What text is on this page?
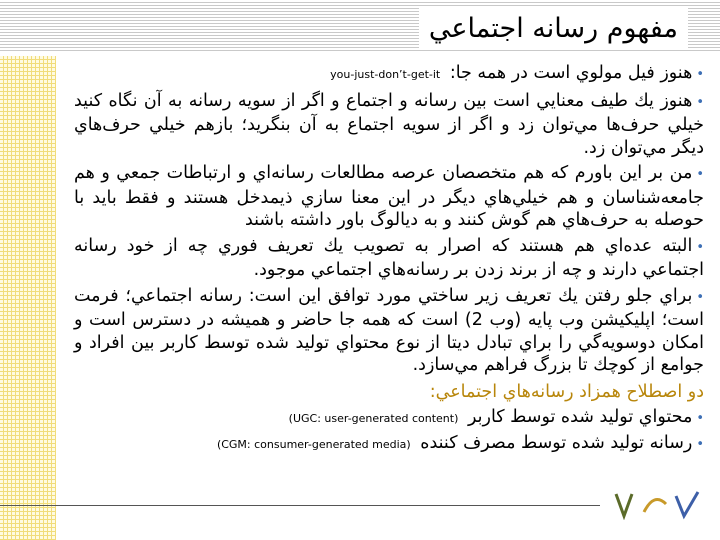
مفهوم رسانه اجتماعي

•هنوز فيل مولوي است در همه جا: you-just-don’t-get-it

•هنوز يك طيف معنايي است بين رسانه و اجتماع و اگر از سويه رسانه به آن نگاه كنيد خيلي حرف‌ها مي‌توان زد و اگر از سويه اجتماع به آن بنگريد؛ بازهم خيلي حرف‌هاي ديگر مي‌توان زد.

•من بر اين باورم كه هم متخصصان عرصه مطالعات رسانه‌اي و ارتباطات جمعي و هم جامعه‌شناسان و هم خيلي‌هاي ديگر در اين معنا سازي ذيمدخل هستند و فقط بايد با حوصله به حرف‌هاي هم گوش كنند و به ديالوگ باور داشته باشند

•البته عده‌اي هم هستند كه اصرار به تصويب يك تعريف فوري چه از خود رسانه اجتماعي دارند و چه از برند زدن بر رسانه‌هاي اجتماعي موجود.

•براي جلو رفتن يك تعريف زير ساختي مورد توافق اين است: رسانه اجتماعي؛ فرمت است؛ اپليكيشن وب پايه (وب 2) است كه همه جا حاضر و هميشه در دسترس است و امكان دوسويه‌گي را براي تبادل ديتا از نوع محتواي توليد شده توسط كاربر بين افراد و جوامع از كوچك تا بزرگ فراهم مي‌سازد.

دو اصطلاح همزاد رسانه‌هاي اجتماعي:

•محتواي توليد شده توسط كاربر (UGC: user-generated content)

•رسانه توليد شده توسط مصرف كننده (CGM: consumer-generated media)
